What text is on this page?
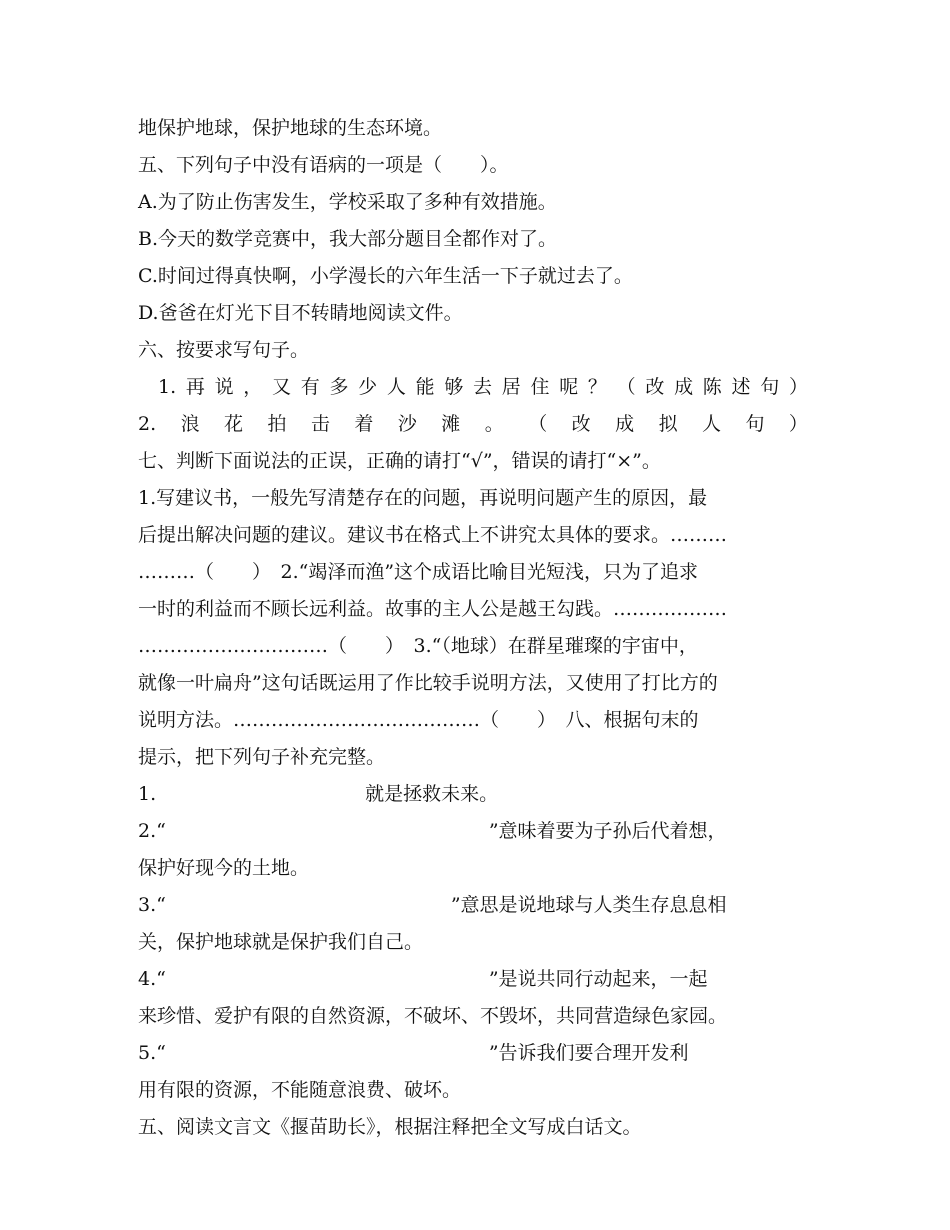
地保护地球，保护地球的生态环境。
五、下列句子中没有语病的一项是（　　）。
A.为了防止伤害发生，学校采取了多种有效措施。
B.今天的数学竞赛中，我大部分题目全都作对了。
C.时间过得真快啊，小学漫长的六年生活一下子就过去了。
D.爸爸在灯光下目不转睛地阅读文件。
六、按要求写句子。
1. 再 说 ， 又 有 多 少 人 能 够 去 居 住 呢 ？ （ 改 成 陈 述 句 ）
2. 浪 花 拍 击 着 沙 滩 。 （ 改 成 拟 人 句 ）
七、判断下面说法的正误，正确的请打“√”，错误的请打“×”。
1.写建议书，一般先写清楚存在的问题，再说明问题产生的原因，最
后提出解决问题的建议。建议书在格式上不讲究太具体的要求。………
………（　　）　2.“竭泽而渔”这个成语比喻目光短浅，只为了追求
一时的利益而不顾长远利益。故事的主人公是越王勾践。………………
…………………………（　　）　3.“（地球）在群星璀璨的宇宙中，
就像一叶扁舟”这句话既运用了作比较手说明方法，又使用了打比方的
说明方法。…………………………………（　　）　八、根据句末的
提示，把下列句子补充完整。
1.　　　　　　　　　　　就是拯救未来。
2.“　　　　　　　　　　　　　　　　　”意味着要为子孙后代着想，
保护好现今的土地。
3.“　　　　　　　　　　　　　　　”意思是说地球与人类生存息息相
关，保护地球就是保护我们自己。
4.“　　　　　　　　　　　　　　　　　”是说共同行动起来，一起
来珍惜、爱护有限的自然资源，不破坏、不毁坏，共同营造绿色家园。
5.“　　　　　　　　　　　　　　　　　”告诉我们要合理开发利
用有限的资源，不能随意浪费、破坏。
五、阅读文言文《揠苗助长》，根据注释把全文写成白话文。
